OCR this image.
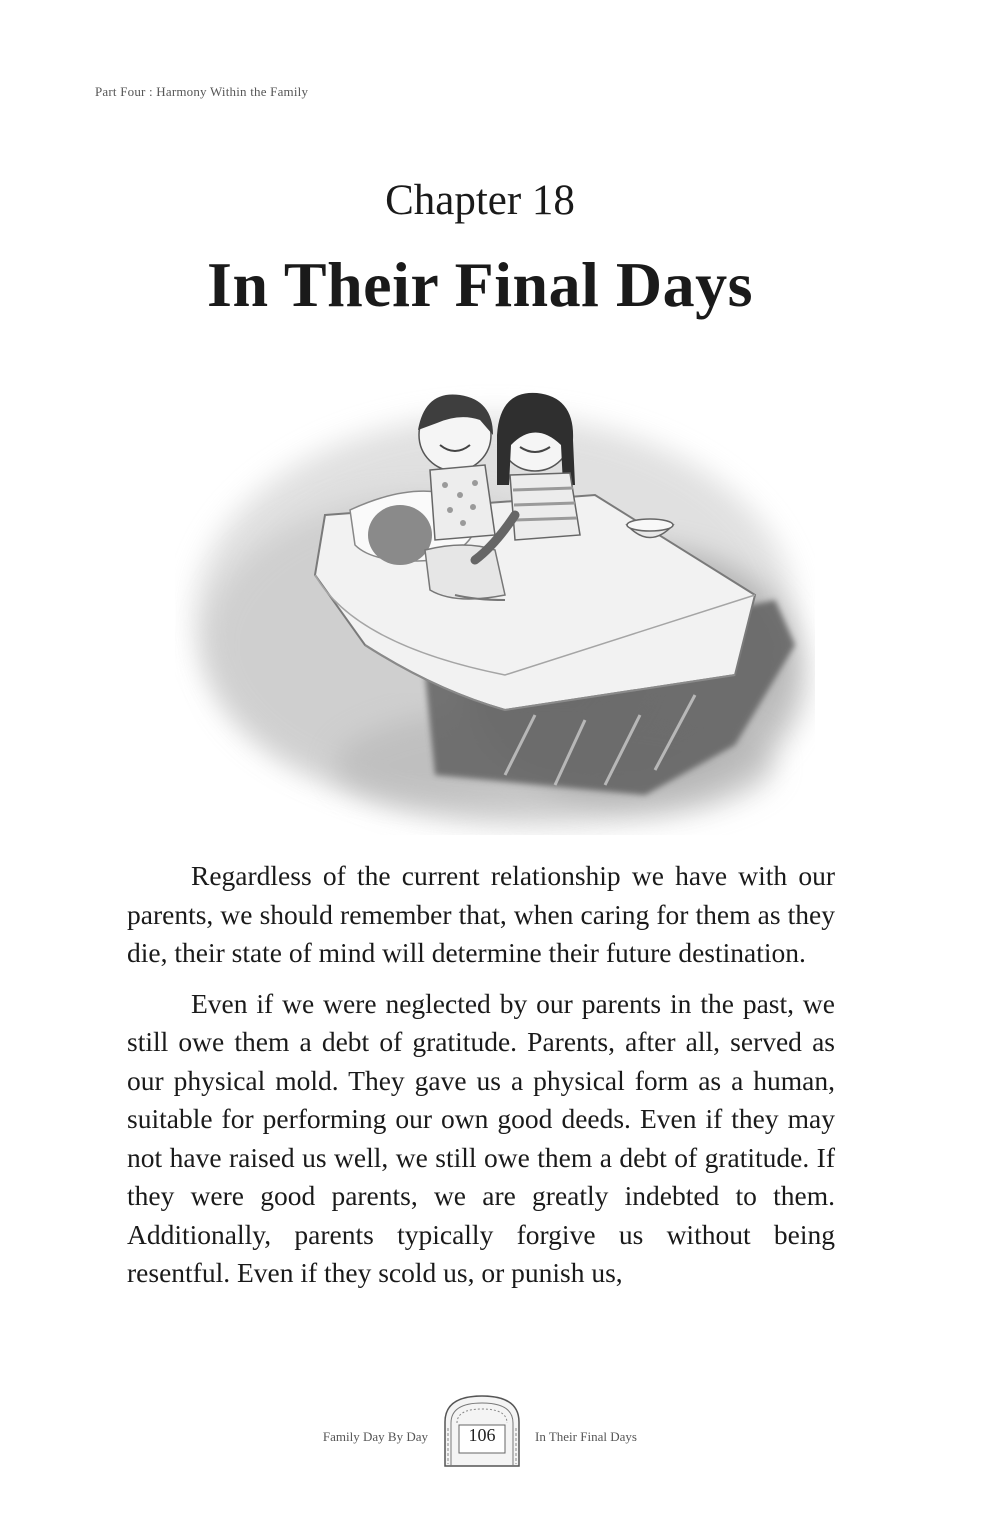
Part Four : Harmony Within the Family
Chapter 18
In Their Final Days

Regardless of the current relationship we have with our parents, we should remember that, when caring for them as they die, their state of mind will determine their future destination.

Even if we were neglected by our parents in the past, we still owe them a debt of gratitude. Parents, after all, served as our physical mold. They gave us a physical form as a human, suitable for performing our own good deeds. Even if they may not have raised us well, we still owe them a debt of gratitude. If they were good parents, we are greatly indebted to them. Additionally, parents typically forgive us without being resentful. Even if they scold us, or punish us,

Family Day By Day	106	In Their Final Days
